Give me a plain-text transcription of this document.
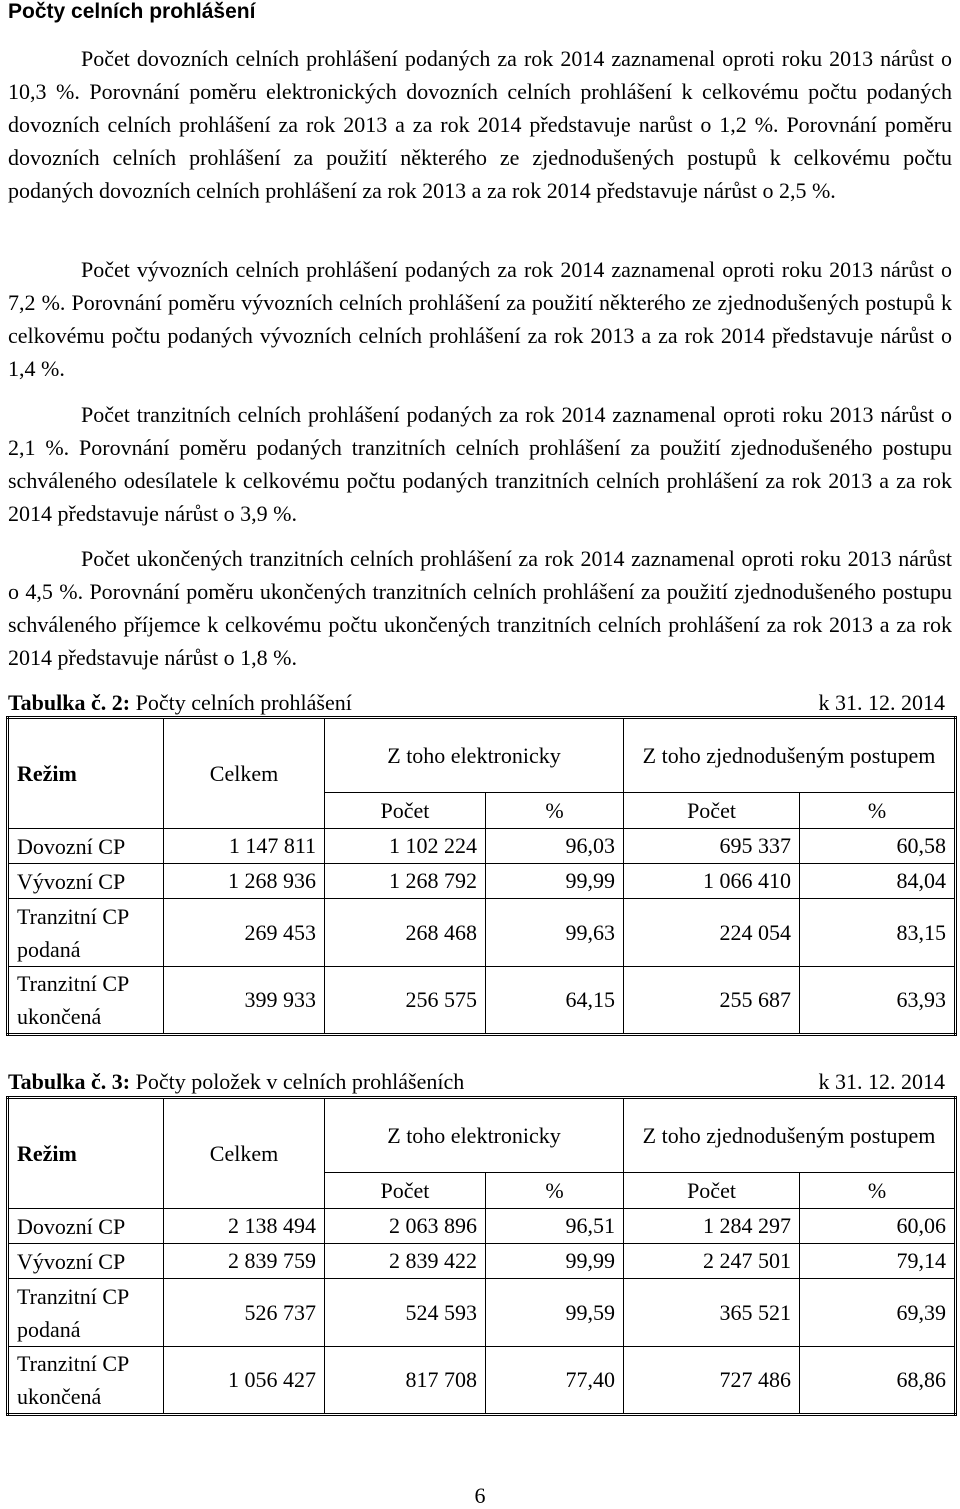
Počty celních prohlášení

Počet dovozních celních prohlášení podaných za rok 2014 zaznamenal oproti roku 2013 nárůst o 10,3 %. Porovnání poměru elektronických dovozních celních prohlášení k celkovému počtu podaných dovozních celních prohlášení za rok 2013 a za rok 2014 představuje narůst o 1,2 %. Porovnání poměru dovozních celních prohlášení za použití některého ze zjednodušených postupů k celkovému počtu podaných dovozních celních prohlášení za rok 2013 a za rok 2014 představuje nárůst o 2,5 %.

Počet vývozních celních prohlášení podaných za rok 2014 zaznamenal oproti roku 2013 nárůst o 7,2 %. Porovnání poměru vývozních celních prohlášení za použití některého ze zjednodušených postupů k celkovému počtu podaných vývozních celních prohlášení za rok 2013 a za rok 2014 představuje nárůst o 1,4 %.

Počet tranzitních celních prohlášení podaných za rok 2014 zaznamenal oproti roku 2013 nárůst o 2,1 %. Porovnání poměru podaných tranzitních celních prohlášení za použití zjednodušeného postupu schváleného odesílatele k celkovému počtu podaných tranzitních celních prohlášení za rok 2013 a za rok 2014 představuje nárůst o 3,9 %.

Počet ukončených tranzitních celních prohlášení za rok 2014 zaznamenal oproti roku 2013 nárůst o 4,5 %. Porovnání poměru ukončených tranzitních celních prohlášení za použití zjednodušeného postupu schváleného příjemce k celkovému počtu ukončených tranzitních celních prohlášení za rok 2013 a za rok 2014 představuje nárůst o 1,8 %.

Tabulka č. 2: Počty celních prohlášení	k 31. 12. 2014
Režim	Celkem	Z toho elektronicky		Z toho zjednodušeným postupem	
		Počet	%	Počet	%
Dovozní CP	1 147 811	1 102 224	96,03	695 337	60,58
Vývozní CP	1 268 936	1 268 792	99,99	1 066 410	84,04
Tranzitní CP podaná	269 453	268 468	99,63	224 054	83,15
Tranzitní CP ukončená	399 933	256 575	64,15	255 687	63,93
Tabulka č. 3: Počty položek v celních prohlášeních	k 31. 12. 2014
Režim	Celkem	Z toho elektronicky		Z toho zjednodušeným postupem	
		Počet	%	Počet	%
Dovozní CP	2 138 494	2 063 896	96,51	1 284 297	60,06
Vývozní CP	2 839 759	2 839 422	99,99	2 247 501	79,14
Tranzitní CP podaná	526 737	524 593	99,59	365 521	69,39
Tranzitní CP ukončená	1 056 427	817 708	77,40	727 486	68,86
6
